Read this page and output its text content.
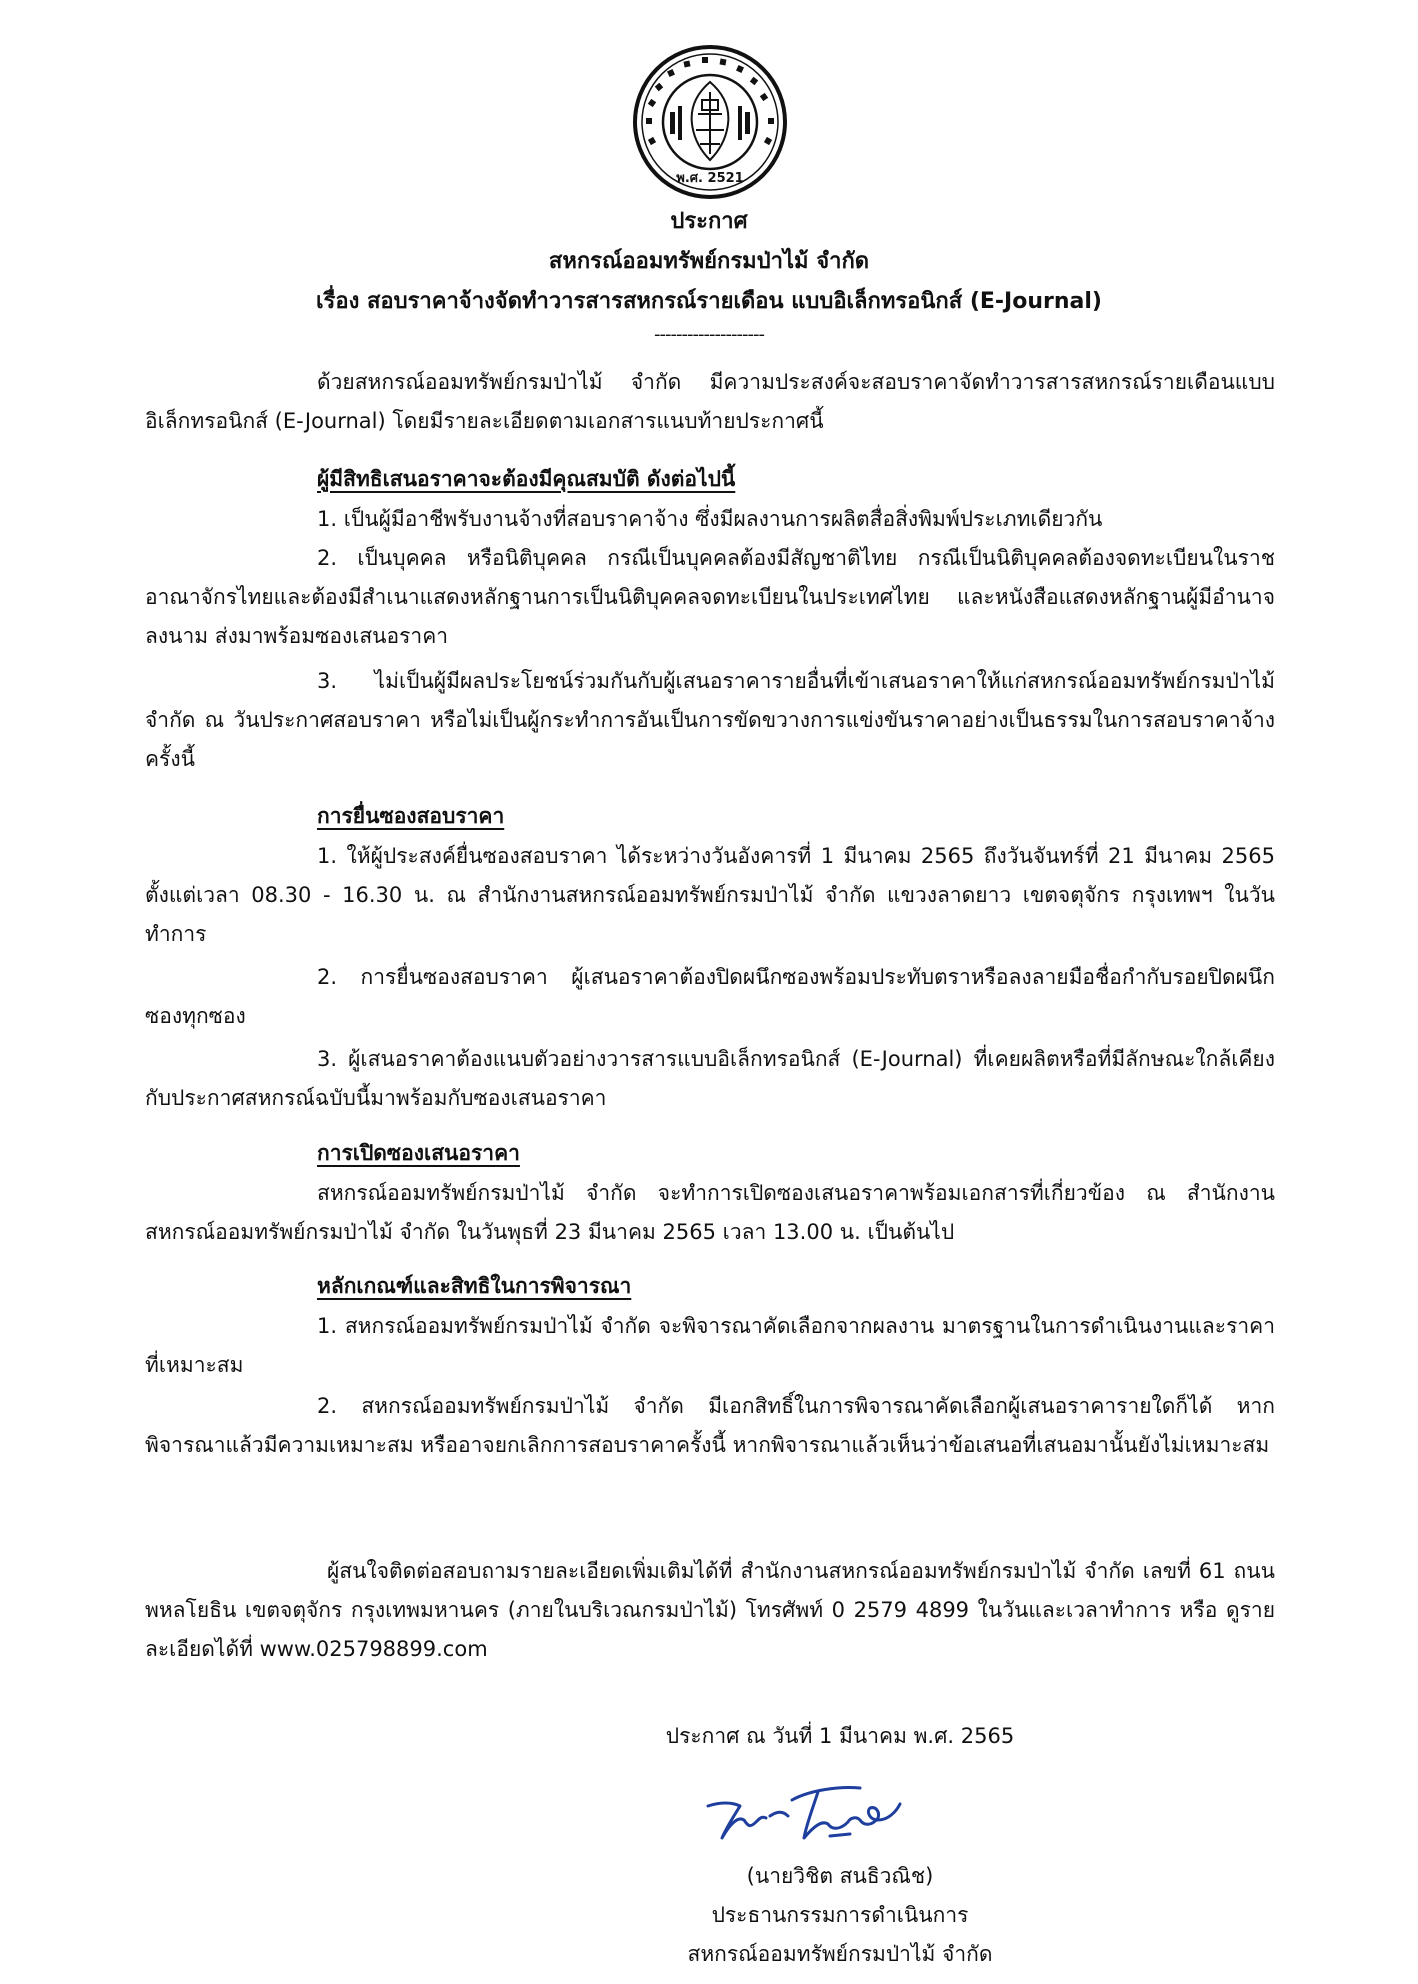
พ.ศ. 2521
ประกาศ
สหกรณ์ออมทรัพย์กรมป่าไม้ จำกัด
เรื่อง สอบราคาจ้างจัดทำวารสารสหกรณ์รายเดือน แบบอิเล็กทรอนิกส์ (E-Journal)
--------------------

ด้วยสหกรณ์ออมทรัพย์กรมป่าไม้ จำกัด มีความประสงค์จะสอบราคาจัดทำวารสารสหกรณ์รายเดือนแบบอิเล็กทรอนิกส์ (E-Journal) โดยมีรายละเอียดตามเอกสารแนบท้ายประกาศนี้

ผู้มีสิทธิเสนอราคาจะต้องมีคุณสมบัติ ดังต่อไปนี้

1. เป็นผู้มีอาชีพรับงานจ้างที่สอบราคาจ้าง ซึ่งมีผลงานการผลิตสื่อสิ่งพิมพ์ประเภทเดียวกัน

2. เป็นบุคคล หรือนิติบุคคล กรณีเป็นบุคคลต้องมีสัญชาติไทย กรณีเป็นนิติบุคคลต้องจดทะเบียนในราชอาณาจักรไทยและต้องมีสำเนาแสดงหลักฐานการเป็นนิติบุคคลจดทะเบียนในประเทศไทย และหนังสือแสดงหลักฐานผู้มีอำนาจลงนาม ส่งมาพร้อมซองเสนอราคา

3. ไม่เป็นผู้มีผลประโยชน์ร่วมกันกับผู้เสนอราคารายอื่นที่เข้าเสนอราคาให้แก่สหกรณ์ออมทรัพย์กรมป่าไม้ จำกัด ณ วันประกาศสอบราคา หรือไม่เป็นผู้กระทำการอันเป็นการขัดขวางการแข่งขันราคาอย่างเป็นธรรมในการสอบราคาจ้างครั้งนี้

การยื่นซองสอบราคา

1. ให้ผู้ประสงค์ยื่นซองสอบราคา ได้ระหว่างวันอังคารที่ 1 มีนาคม 2565 ถึงวันจันทร์ที่ 21 มีนาคม 2565 ตั้งแต่เวลา 08.30 - 16.30 น. ณ สำนักงานสหกรณ์ออมทรัพย์กรมป่าไม้ จำกัด แขวงลาดยาว เขตจตุจักร กรุงเทพฯ ในวันทำการ

2. การยื่นซองสอบราคา ผู้เสนอราคาต้องปิดผนึกซองพร้อมประทับตราหรือลงลายมือชื่อกำกับรอยปิดผนึกซองทุกซอง

3. ผู้เสนอราคาต้องแนบตัวอย่างวารสารแบบอิเล็กทรอนิกส์ (E-Journal) ที่เคยผลิตหรือที่มีลักษณะใกล้เคียงกับประกาศสหกรณ์ฉบับนี้มาพร้อมกับซองเสนอราคา

การเปิดซองเสนอราคา

สหกรณ์ออมทรัพย์กรมป่าไม้ จำกัด จะทำการเปิดซองเสนอราคาพร้อมเอกสารที่เกี่ยวข้อง ณ สำนักงานสหกรณ์ออมทรัพย์กรมป่าไม้ จำกัด ในวันพุธที่ 23 มีนาคม 2565 เวลา 13.00 น. เป็นต้นไป

หลักเกณฑ์และสิทธิในการพิจารณา

1. สหกรณ์ออมทรัพย์กรมป่าไม้ จำกัด จะพิจารณาคัดเลือกจากผลงาน มาตรฐานในการดำเนินงานและราคาที่เหมาะสม

2. สหกรณ์ออมทรัพย์กรมป่าไม้ จำกัด มีเอกสิทธิ์ในการพิจารณาคัดเลือกผู้เสนอราคารายใดก็ได้ หากพิจารณาแล้วมีความเหมาะสม หรืออาจยกเลิกการสอบราคาครั้งนี้ หากพิจารณาแล้วเห็นว่าข้อเสนอที่เสนอมานั้นยังไม่เหมาะสม

ผู้สนใจติดต่อสอบถามรายละเอียดเพิ่มเติมได้ที่ สำนักงานสหกรณ์ออมทรัพย์กรมป่าไม้ จำกัด เลขที่ 61 ถนนพหลโยธิน เขตจตุจักร กรุงเทพมหานคร (ภายในบริเวณกรมป่าไม้) โทรศัพท์ 0 2579 4899 ในวันและเวลาทำการ หรือ ดูรายละเอียดได้ที่ www.025798899.com

ประกาศ ณ วันที่ 1 มีนาคม พ.ศ. 2565
(นายวิชิต สนธิวณิช)
ประธานกรรมการดำเนินการ
สหกรณ์ออมทรัพย์กรมป่าไม้ จำกัด
